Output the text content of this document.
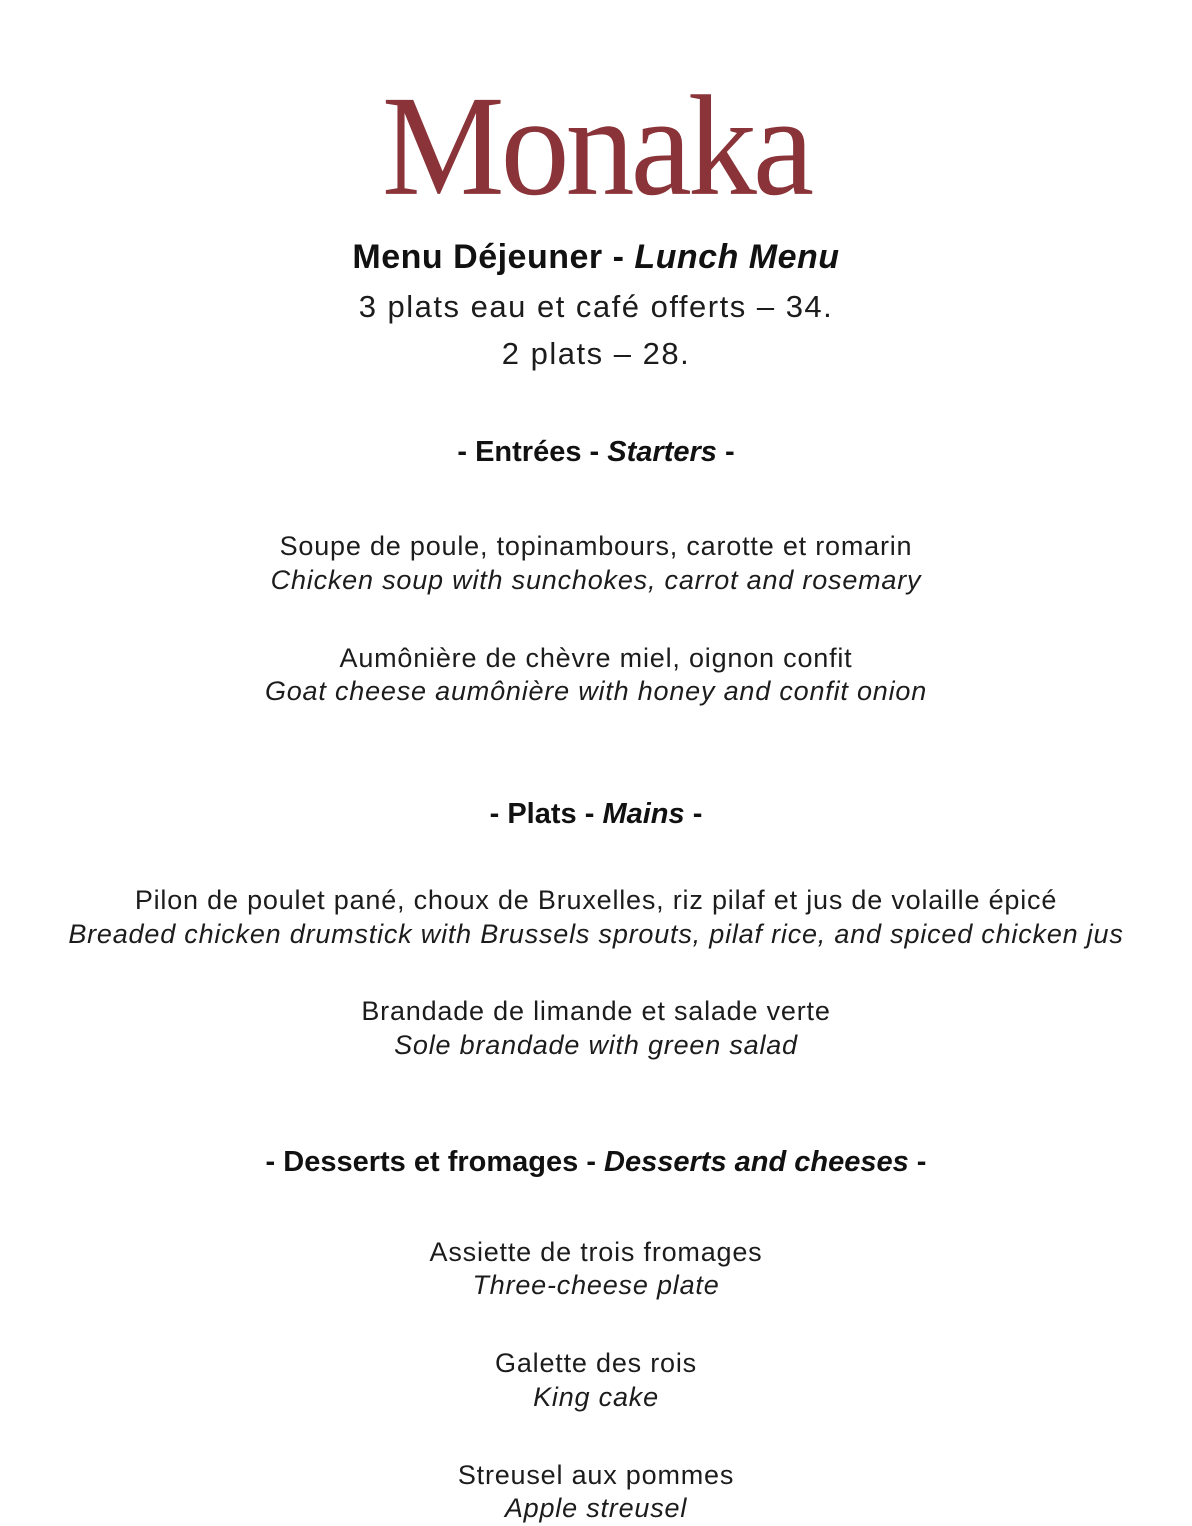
Monaka
Menu Déjeuner - Lunch Menu
3 plats eau et café offerts – 34.
2 plats – 28.
- Entrées - Starters -
Soupe de poule, topinambours, carotte et romarin
Chicken soup with sunchokes, carrot and rosemary
Aumônière de chèvre miel, oignon confit
Goat cheese aumônière with honey and confit onion
- Plats - Mains -
Pilon de poulet pané, choux de Bruxelles, riz pilaf et jus de volaille épicé
Breaded chicken drumstick with Brussels sprouts, pilaf rice, and spiced chicken jus
Brandade de limande et salade verte
Sole brandade with green salad
- Desserts et fromages - Desserts and cheeses -
Assiette de trois fromages
Three-cheese plate
Galette des rois
King cake
Streusel aux pommes
Apple streusel
